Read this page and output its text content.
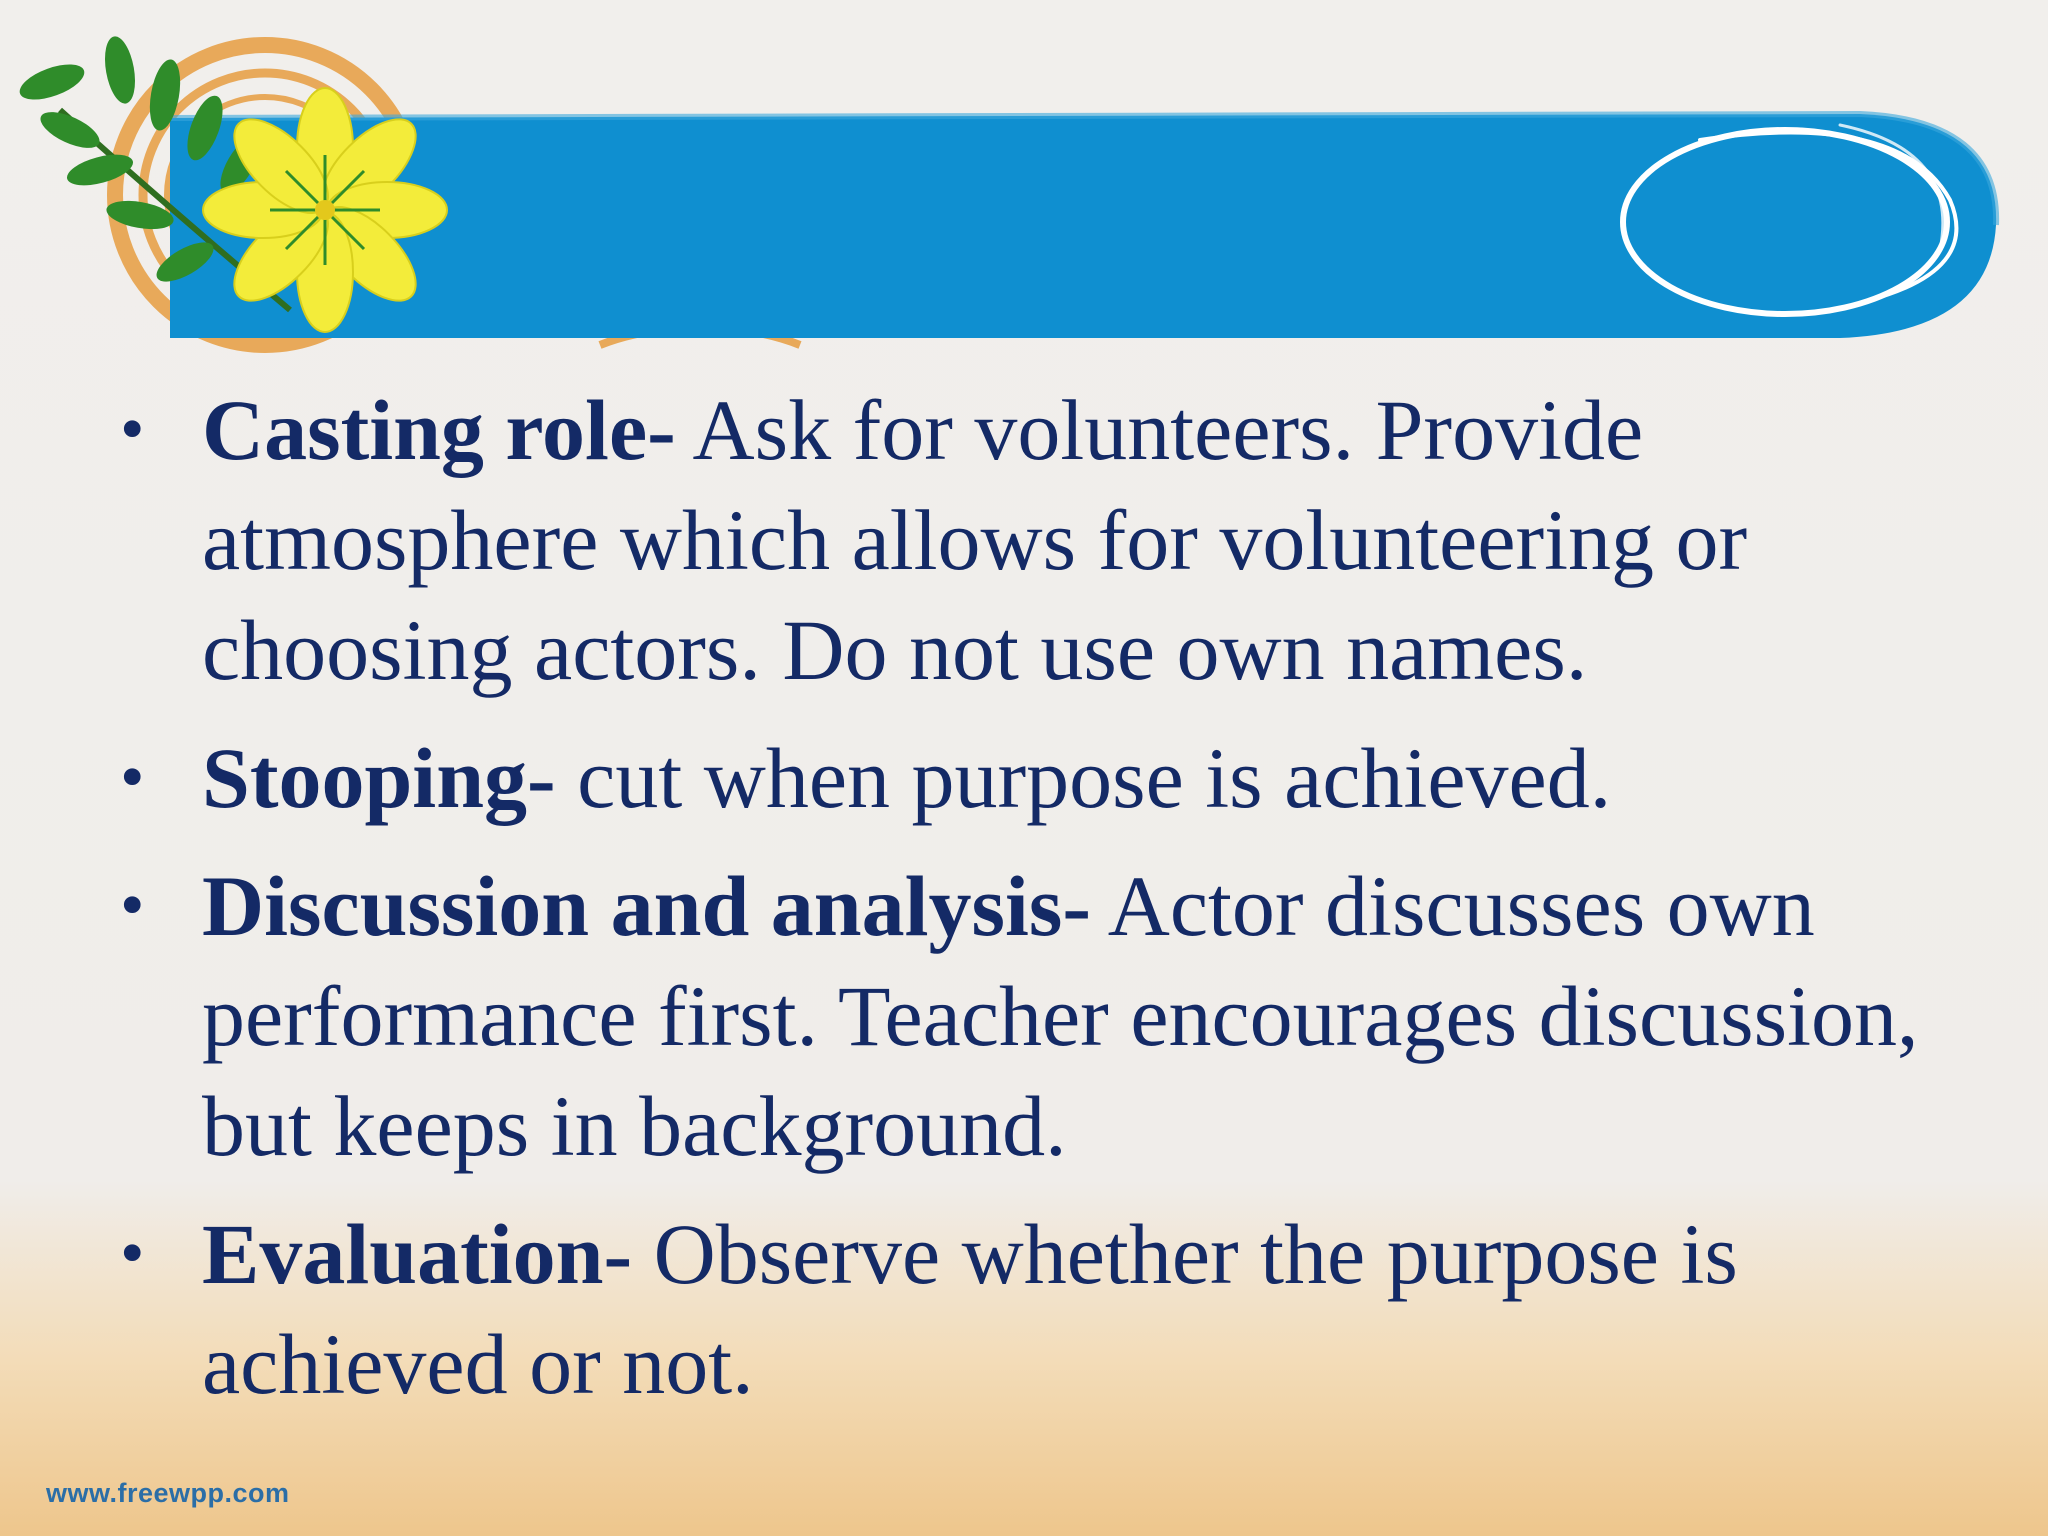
• Casting role- Ask for volunteers. Provide atmosphere which allows for volunteering or choosing actors. Do not use own names.
• Stooping- cut when purpose is achieved.
• Discussion and analysis- Actor discusses own performance first. Teacher encourages discussion, but keeps in background.
• Evaluation- Observe whether the purpose is achieved or not.
www.freewpp.com
